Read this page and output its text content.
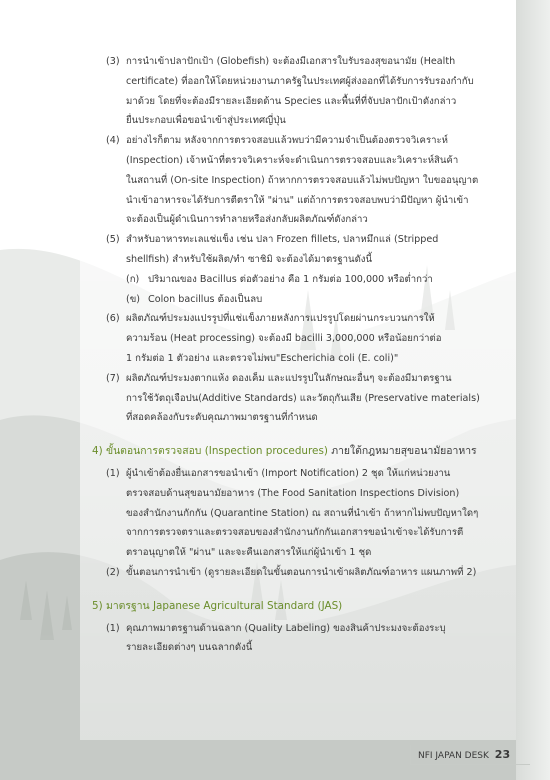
(3) การนำเข้าปลาปักเป้า (Globefish) จะต้องมีเอกสารใบรับรองสุขอนามัย (Health
certificate) ที่ออกให้โดยหน่วยงานภาครัฐในประเทศผู้ส่งออกที่ได้รับการรับรองกำกับ
มาด้วย โดยที่จะต้องมีรายละเอียดด้าน Species และพื้นที่ที่จับปลาปักเป้าดังกล่าว
ยื่นประกอบเพื่อขอนำเข้าสู่ประเทศญี่ปุ่น
(4) อย่างไรก็ตาม หลังจากการตรวจสอบแล้วพบว่ามีความจำเป็นต้องตรวจวิเคราะห์
(Inspection) เจ้าหน้าที่ตรวจวิเคราะห์จะดำเนินการตรวจสอบและวิเคราะห์สินค้า
ในสถานที่ (On-site Inspection) ถ้าหากการตรวจสอบแล้วไม่พบปัญหา ใบขออนุญาต
นำเข้าอาหารจะได้รับการตีตราให้ "ผ่าน" แต่ถ้าการตรวจสอบพบว่ามีปัญหา ผู้นำเข้า
จะต้องเป็นผู้ดำเนินการทำลายหรือส่งกลับผลิตภัณฑ์ดังกล่าว
(5) สำหรับอาหารทะเลแช่แข็ง เช่น ปลา Frozen fillets, ปลาหมึกแล่ (Stripped
shellfish) สำหรับใช้ผลิต/ทำ ซาชิมิ จะต้องได้มาตรฐานดังนี้
(ก) ปริมาณของ Bacillus ต่อตัวอย่าง คือ 1 กรัมต่อ 100,000 หรือต่ำกว่า
(ข) Colon bacillus ต้องเป็นลบ
(6) ผลิตภัณฑ์ประมงแปรรูปที่แช่แข็งภายหลังการแปรรูปโดยผ่านกระบวนการให้
ความร้อน (Heat processing) จะต้องมี bacilli 3,000,000 หรือน้อยกว่าต่อ
1 กรัมต่อ 1 ตัวอย่าง และตรวจไม่พบ"Escherichia coli (E. coli)"
(7) ผลิตภัณฑ์ประมงตากแห้ง ดองเค็ม และแปรรูปในลักษณะอื่นๆ จะต้องมีมาตรฐาน
การใช้วัตถุเจือปน(Additive Standards) และวัตถุกันเสีย (Preservative materials)
ที่สอดคล้องกับระดับคุณภาพมาตรฐานที่กำหนด
4) ขั้นตอนการตรวจสอบ (Inspection procedures) ภายใต้กฎหมายสุขอนามัยอาหาร
(1) ผู้นำเข้าต้องยื่นเอกสารขอนำเข้า (Import Notification) 2 ชุด ให้แก่หน่วยงาน
ตรวจสอบด้านสุขอนามัยอาหาร (The Food Sanitation Inspections Division)
ของสำนักงานกักกัน (Quarantine Station) ณ สถานที่นำเข้า ถ้าหากไม่พบปัญหาใดๆ
จากการตรวจตราและตรวจสอบของสำนักงานกักกันเอกสารขอนำเข้าจะได้รับการตี
ตราอนุญาตให้ "ผ่าน" และจะคืนเอกสารให้แก่ผู้นำเข้า 1 ชุด
(2) ขั้นตอนการนำเข้า (ดูรายละเอียดในขั้นตอนการนำเข้าผลิตภัณฑ์อาหาร แผนภาพที่ 2)
5) มาตรฐาน Japanese Agricultural Standard (JAS)
(1) คุณภาพมาตรฐานด้านฉลาก (Quality Labeling) ของสินค้าประมงจะต้องระบุ
รายละเอียดต่างๆ บนฉลากดังนี้
NFI JAPAN DESK 23
